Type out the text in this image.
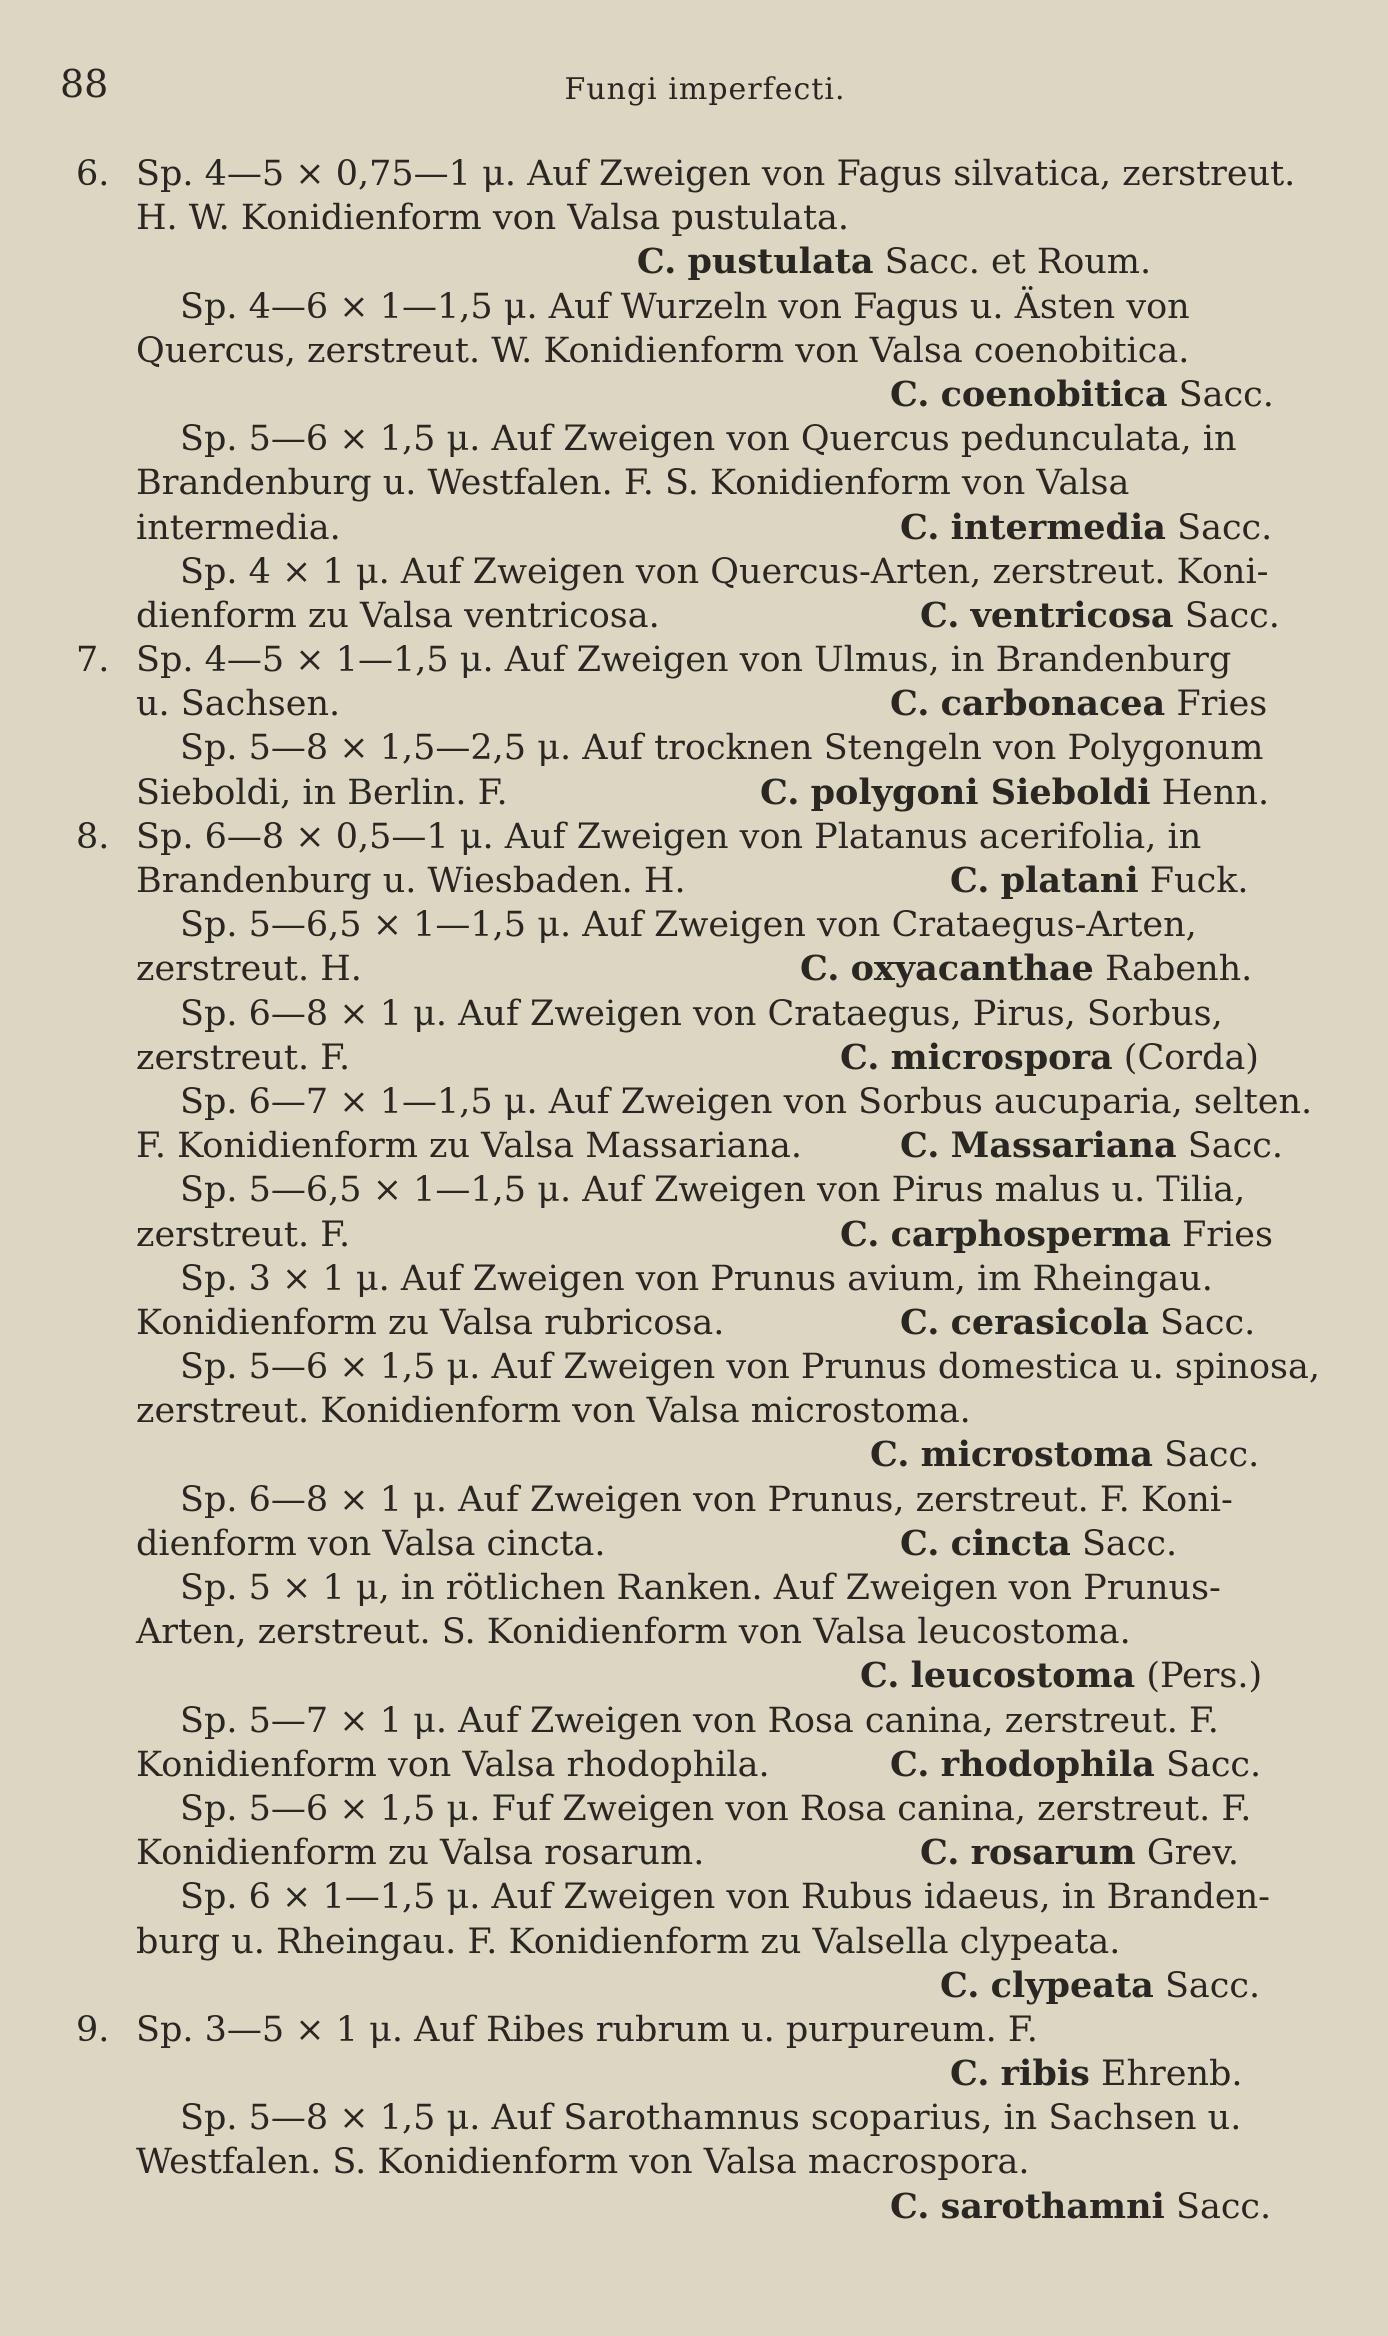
88	Fungi imperfecti.
6. Sp. 4—5 × 0,75—1 μ. Auf Zweigen von Fagus silvatica, zerstreut.
H. W. Konidienform von Valsa pustulata.
C. pustulata Sacc. et Roum.
Sp. 4—6 × 1—1,5 μ. Auf Wurzeln von Fagus u. Ästen von
Quercus, zerstreut. W. Konidienform von Valsa coenobitica.
C. coenobitica Sacc.
Sp. 5—6 × 1,5 μ. Auf Zweigen von Quercus pedunculata, in
Brandenburg u. Westfalen. F. S. Konidienform von Valsa
intermedia.	C. intermedia Sacc.
Sp. 4 × 1 μ. Auf Zweigen von Quercus-Arten, zerstreut. Koni-
dienform zu Valsa ventricosa.	C. ventricosa Sacc.
7. Sp. 4—5 × 1—1,5 μ. Auf Zweigen von Ulmus, in Brandenburg
u. Sachsen.	C. carbonacea Fries
Sp. 5—8 × 1,5—2,5 μ. Auf trocknen Stengeln von Polygonum
Sieboldi, in Berlin. F.	C. polygoni Sieboldi Henn.
8. Sp. 6—8 × 0,5—1 μ. Auf Zweigen von Platanus acerifolia, in
Brandenburg u. Wiesbaden. H.	C. platani Fuck.
Sp. 5—6,5 × 1—1,5 μ. Auf Zweigen von Crataegus-Arten,
zerstreut. H.	C. oxyacanthae Rabenh.
Sp. 6—8 × 1 μ. Auf Zweigen von Crataegus, Pirus, Sorbus,
zerstreut. F.	C. microspora (Corda)
Sp. 6—7 × 1—1,5 μ. Auf Zweigen von Sorbus aucuparia, selten.
F. Konidienform zu Valsa Massariana.	C. Massariana Sacc.
Sp. 5—6,5 × 1—1,5 μ. Auf Zweigen von Pirus malus u. Tilia,
zerstreut. F.	C. carphosperma Fries
Sp. 3 × 1 μ. Auf Zweigen von Prunus avium, im Rheingau.
Konidienform zu Valsa rubricosa.	C. cerasicola Sacc.
Sp. 5—6 × 1,5 μ. Auf Zweigen von Prunus domestica u. spinosa,
zerstreut. Konidienform von Valsa microstoma.
C. microstoma Sacc.
Sp. 6—8 × 1 μ. Auf Zweigen von Prunus, zerstreut. F. Koni-
dienform von Valsa cincta.	C. cincta Sacc.
Sp. 5 × 1 μ, in rötlichen Ranken. Auf Zweigen von Prunus-
Arten, zerstreut. S. Konidienform von Valsa leucostoma.
C. leucostoma (Pers.)
Sp. 5—7 × 1 μ. Auf Zweigen von Rosa canina, zerstreut. F.
Konidienform von Valsa rhodophila.	C. rhodophila Sacc.
Sp. 5—6 × 1,5 μ. Fuf Zweigen von Rosa canina, zerstreut. F.
Konidienform zu Valsa rosarum.	C. rosarum Grev.
Sp. 6 × 1—1,5 μ. Auf Zweigen von Rubus idaeus, in Branden-
burg u. Rheingau. F. Konidienform zu Valsella clypeata.
C. clypeata Sacc.
9. Sp. 3—5 × 1 μ. Auf Ribes rubrum u. purpureum. F.
C. ribis Ehrenb.
Sp. 5—8 × 1,5 μ. Auf Sarothamnus scoparius, in Sachsen u.
Westfalen. S. Konidienform von Valsa macrospora.
C. sarothamni Sacc.
